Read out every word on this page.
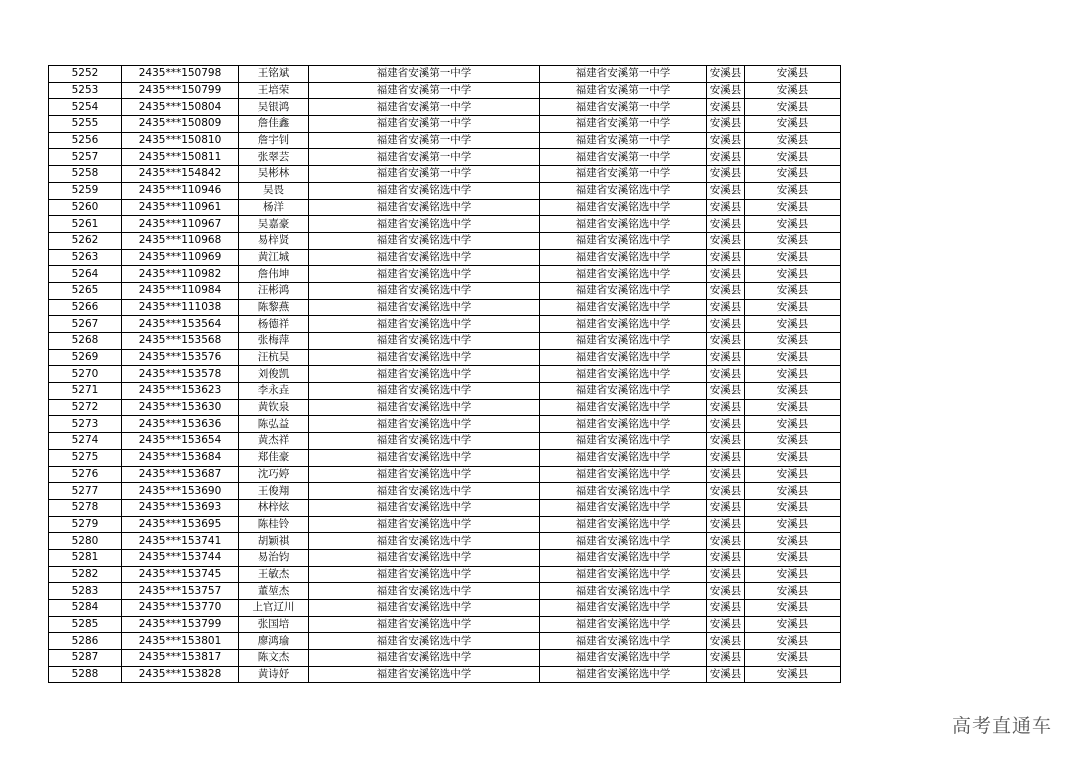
5252	2435***150798	王铭斌	福建省安溪第一中学	福建省安溪第一中学	安溪县	安溪县
5253	2435***150799	王培荣	福建省安溪第一中学	福建省安溪第一中学	安溪县	安溪县
5254	2435***150804	吴银鸿	福建省安溪第一中学	福建省安溪第一中学	安溪县	安溪县
5255	2435***150809	詹佳鑫	福建省安溪第一中学	福建省安溪第一中学	安溪县	安溪县
5256	2435***150810	詹宇钊	福建省安溪第一中学	福建省安溪第一中学	安溪县	安溪县
5257	2435***150811	张翠芸	福建省安溪第一中学	福建省安溪第一中学	安溪县	安溪县
5258	2435***154842	吴彬林	福建省安溪第一中学	福建省安溪第一中学	安溪县	安溪县
5259	2435***110946	吴畏	福建省安溪铭选中学	福建省安溪铭选中学	安溪县	安溪县
5260	2435***110961	杨洋	福建省安溪铭选中学	福建省安溪铭选中学	安溪县	安溪县
5261	2435***110967	吴嘉豪	福建省安溪铭选中学	福建省安溪铭选中学	安溪县	安溪县
5262	2435***110968	易梓贤	福建省安溪铭选中学	福建省安溪铭选中学	安溪县	安溪县
5263	2435***110969	黄江城	福建省安溪铭选中学	福建省安溪铭选中学	安溪县	安溪县
5264	2435***110982	詹伟坤	福建省安溪铭选中学	福建省安溪铭选中学	安溪县	安溪县
5265	2435***110984	汪彬鸿	福建省安溪铭选中学	福建省安溪铭选中学	安溪县	安溪县
5266	2435***111038	陈黎燕	福建省安溪铭选中学	福建省安溪铭选中学	安溪县	安溪县
5267	2435***153564	杨德祥	福建省安溪铭选中学	福建省安溪铭选中学	安溪县	安溪县
5268	2435***153568	张梅萍	福建省安溪铭选中学	福建省安溪铭选中学	安溪县	安溪县
5269	2435***153576	汪杭昊	福建省安溪铭选中学	福建省安溪铭选中学	安溪县	安溪县
5270	2435***153578	刘俊凯	福建省安溪铭选中学	福建省安溪铭选中学	安溪县	安溪县
5271	2435***153623	李永垚	福建省安溪铭选中学	福建省安溪铭选中学	安溪县	安溪县
5272	2435***153630	黄钦泉	福建省安溪铭选中学	福建省安溪铭选中学	安溪县	安溪县
5273	2435***153636	陈弘益	福建省安溪铭选中学	福建省安溪铭选中学	安溪县	安溪县
5274	2435***153654	黄杰祥	福建省安溪铭选中学	福建省安溪铭选中学	安溪县	安溪县
5275	2435***153684	郑佳豪	福建省安溪铭选中学	福建省安溪铭选中学	安溪县	安溪县
5276	2435***153687	沈巧婷	福建省安溪铭选中学	福建省安溪铭选中学	安溪县	安溪县
5277	2435***153690	王俊翔	福建省安溪铭选中学	福建省安溪铭选中学	安溪县	安溪县
5278	2435***153693	林梓炫	福建省安溪铭选中学	福建省安溪铭选中学	安溪县	安溪县
5279	2435***153695	陈桂铃	福建省安溪铭选中学	福建省安溪铭选中学	安溪县	安溪县
5280	2435***153741	胡颖祺	福建省安溪铭选中学	福建省安溪铭选中学	安溪县	安溪县
5281	2435***153744	易治钧	福建省安溪铭选中学	福建省安溪铭选中学	安溪县	安溪县
5282	2435***153745	王敏杰	福建省安溪铭选中学	福建省安溪铭选中学	安溪县	安溪县
5283	2435***153757	董堃杰	福建省安溪铭选中学	福建省安溪铭选中学	安溪县	安溪县
5284	2435***153770	上官辽川	福建省安溪铭选中学	福建省安溪铭选中学	安溪县	安溪县
5285	2435***153799	张国培	福建省安溪铭选中学	福建省安溪铭选中学	安溪县	安溪县
5286	2435***153801	廖鸿瑜	福建省安溪铭选中学	福建省安溪铭选中学	安溪县	安溪县
5287	2435***153817	陈文杰	福建省安溪铭选中学	福建省安溪铭选中学	安溪县	安溪县
5288	2435***153828	黄诗妤	福建省安溪铭选中学	福建省安溪铭选中学	安溪县	安溪县
高考直通车
